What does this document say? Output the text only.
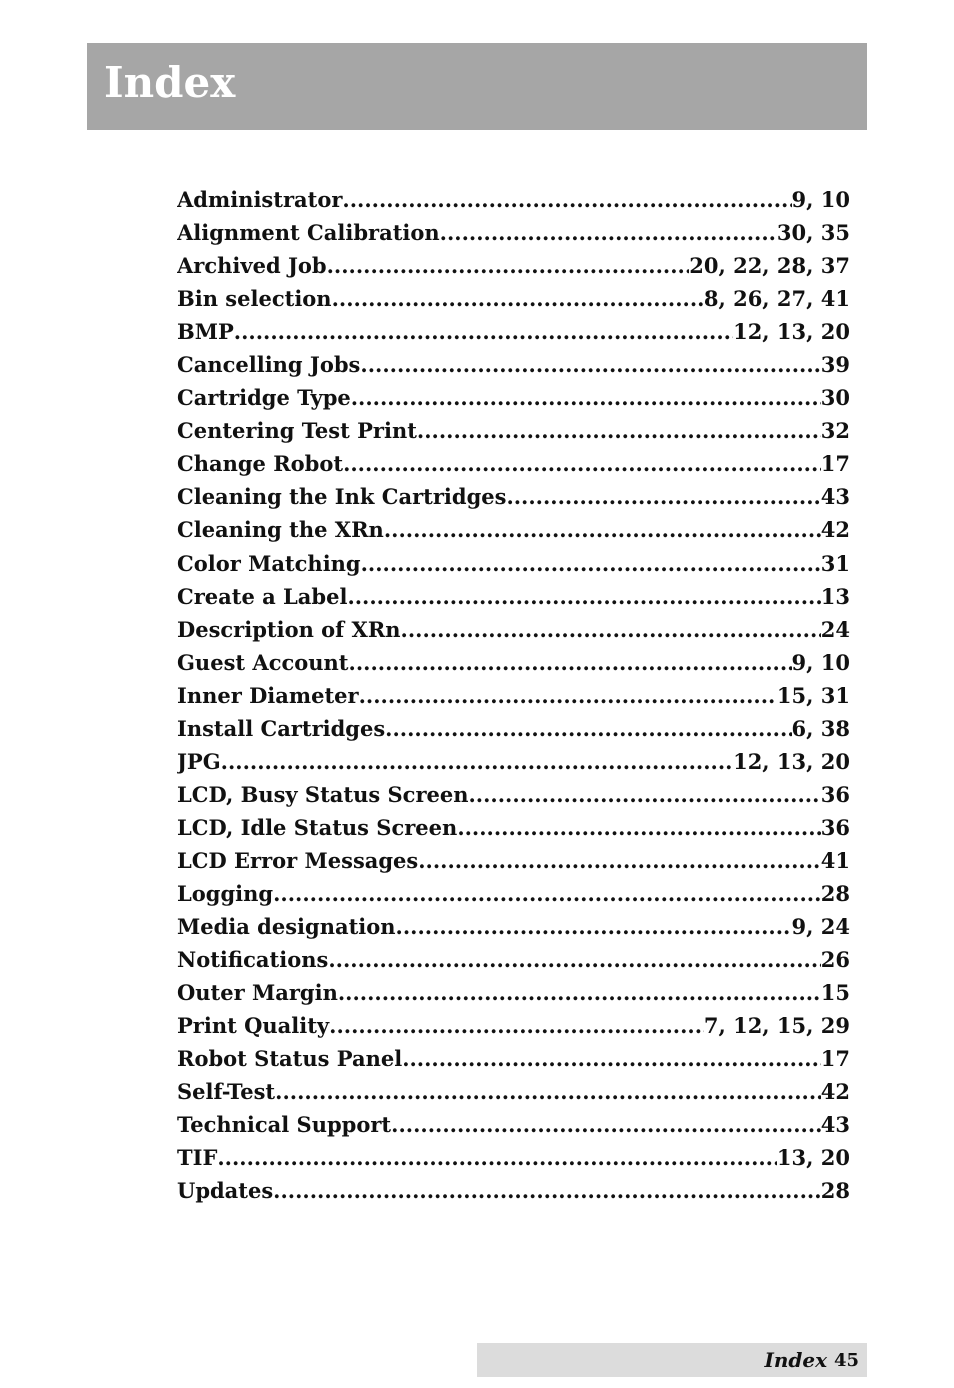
Index
Administrator .....	9, 10
Alignment Calibration .....	30, 35
Archived Job .....	20, 22, 28, 37
Bin selection .....	8, 26, 27, 41
BMP .....	12, 13, 20
Cancelling Jobs .....	39
Cartridge Type .....	30
Centering Test Print .....	32
Change Robot .....	17
Cleaning the Ink Cartridges .....	43
Cleaning the XRn .....	42
Color Matching .....	31
Create a Label .....	13
Description of XRn .....	24
Guest Account .....	9, 10
Inner Diameter .....	15, 31
Install Cartridges .....	6, 38
JPG .....	12, 13, 20
LCD, Busy Status Screen .....	36
LCD, Idle Status Screen .....	36
LCD Error Messages .....	41
Logging .....	28
Media designation .....	9, 24
Notifications .....	26
Outer Margin .....	15
Print Quality .....	7, 12, 15, 29
Robot Status Panel .....	17
Self-Test .....	42
Technical Support .....	43
TIF .....	13, 20
Updates .....	28
Index 45
